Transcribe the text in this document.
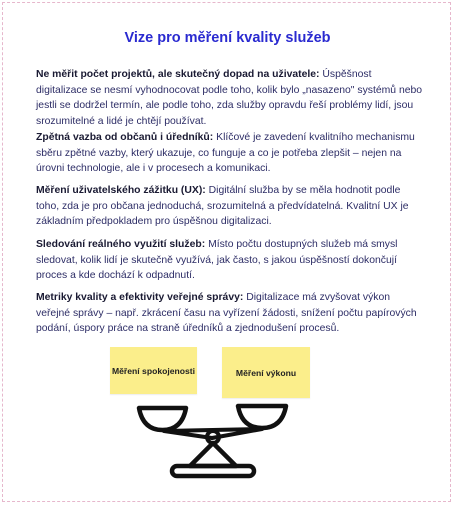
Vize pro měření kvality služeb
Ne měřit počet projektů, ale skutečný dopad na uživatele: Úspěšnost digitalizace se nesmí vyhodnocovat podle toho, kolik bylo „nasazeno" systémů nebo jestli se dodržel termín, ale podle toho, zda služby opravdu řeší problémy lidí, jsou srozumitelné a lidé je chtějí používat.
Zpětná vazba od občanů i úředníků: Klíčové je zavedení kvalitního mechanismu sběru zpětné vazby, který ukazuje, co funguje a co je potřeba zlepšit – nejen na úrovni technologie, ale i v procesech a komunikaci.
Měření uživatelského zážitku (UX): Digitální služba by se měla hodnotit podle toho, zda je pro občana jednoduchá, srozumitelná a předvídatelná. Kvalitní UX je základním předpokladem pro úspěšnou digitalizaci.
Sledování reálného využití služeb: Místo počtu dostupných služeb má smysl sledovat, kolik lidí je skutečně využívá, jak často, s jakou úspěšností dokončují proces a kde dochází k odpadnutí.
Metriky kvality a efektivity veřejné správy: Digitalizace má zvyšovat výkon veřejné správy – např. zkrácení času na vyřízení žádosti, snížení počtu papírových podání, úspory práce na straně úředníků a zjednodušení procesů.
Měření spokojenosti	Měření výkonu
